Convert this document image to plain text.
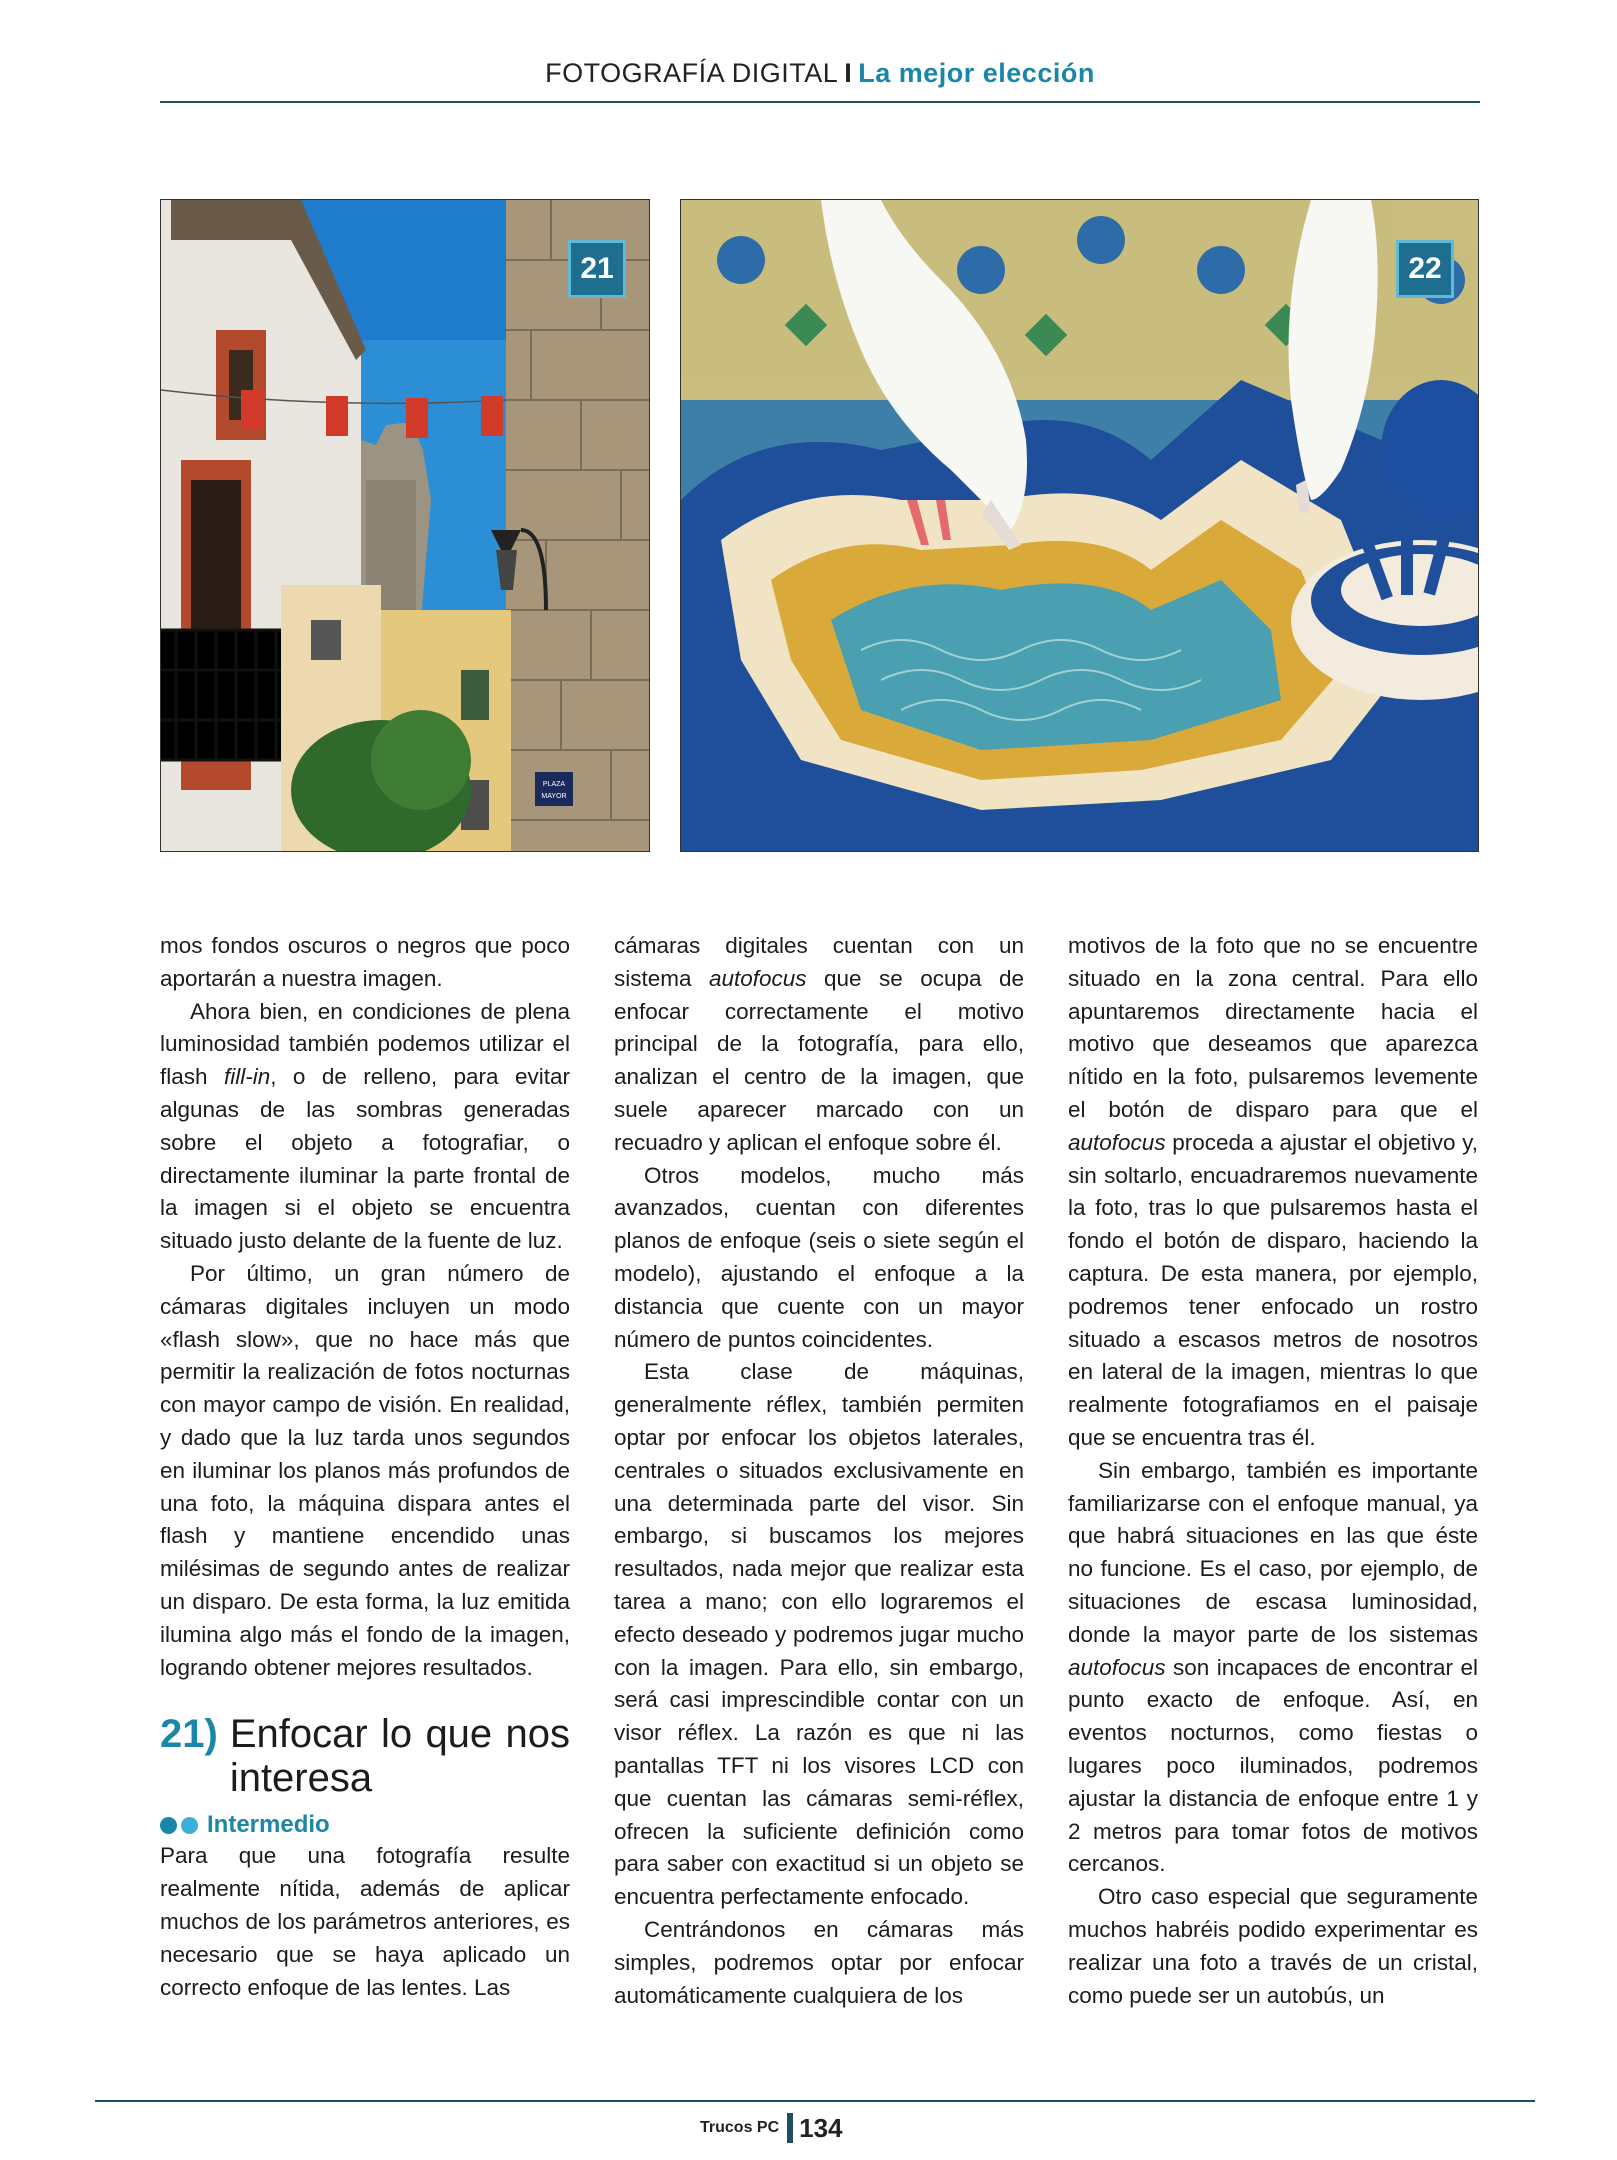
FOTOGRAFÍA DIGITAL I La mejor elección
PLAZA
MAYOR
21	22

mos fondos oscuros o negros que poco aportarán a nuestra imagen.

Ahora bien, en condiciones de plena luminosidad también podemos utilizar el flash fill-in, o de relleno, para evitar algunas de las sombras generadas sobre el objeto a fotografiar, o directamente iluminar la parte frontal de la imagen si el objeto se encuentra situado justo delante de la fuente de luz.

Por último, un gran número de cámaras digitales incluyen un modo «flash slow», que no hace más que permitir la realización de fotos nocturnas con mayor campo de visión. En realidad, y dado que la luz tarda unos segundos en iluminar los planos más profundos de una foto, la máquina dispara antes el flash y mantiene encendido unas milésimas de segundo antes de realizar un disparo. De esta forma, la luz emitida ilumina algo más el fondo de la imagen, logrando obtener mejores resultados.

21) Enfocar lo que nos interesa
Intermedio

Para que una fotografía resulte realmente nítida, además de aplicar muchos de los parámetros anteriores, es necesario que se haya aplicado un correcto enfoque de las lentes. Las

cámaras digitales cuentan con un sistema autofocus que se ocupa de enfocar correctamente el motivo principal de la fotografía, para ello, analizan el centro de la imagen, que suele aparecer marcado con un recuadro y aplican el enfoque sobre él.

Otros modelos, mucho más avanzados, cuentan con diferentes planos de enfoque (seis o siete según el modelo), ajustando el enfoque a la distancia que cuente con un mayor número de puntos coincidentes.

Esta clase de máquinas, generalmente réflex, también permiten optar por enfocar los objetos laterales, centrales o situados exclusivamente en una determinada parte del visor. Sin embargo, si buscamos los mejores resultados, nada mejor que realizar esta tarea a mano; con ello lograremos el efecto deseado y podremos jugar mucho con la imagen. Para ello, sin embargo, será casi imprescindible contar con un visor réflex. La razón es que ni las pantallas TFT ni los visores LCD con que cuentan las cámaras semi-réflex, ofrecen la suficiente definición como para saber con exactitud si un objeto se encuentra perfectamente enfocado.

Centrándonos en cámaras más simples, podremos optar por enfocar automáticamente cualquiera de los

motivos de la foto que no se encuentre situado en la zona central. Para ello apuntaremos directamente hacia el motivo que deseamos que aparezca nítido en la foto, pulsaremos levemente el botón de disparo para que el autofocus proceda a ajustar el objetivo y, sin soltarlo, encuadraremos nuevamente la foto, tras lo que pulsaremos hasta el fondo el botón de disparo, haciendo la captura. De esta manera, por ejemplo, podremos tener enfocado un rostro situado a escasos metros de nosotros en lateral de la imagen, mientras lo que realmente fotografiamos en el paisaje que se encuentra tras él.

Sin embargo, también es importante familiarizarse con el enfoque manual, ya que habrá situaciones en las que éste no funcione. Es el caso, por ejemplo, de situaciones de escasa luminosidad, donde la mayor parte de los sistemas autofocus son incapaces de encontrar el punto exacto de enfoque. Así, en eventos nocturnos, como fiestas o lugares poco iluminados, podremos ajustar la distancia de enfoque entre 1 y 2 metros para tomar fotos de motivos cercanos.

Otro caso especial que seguramente muchos habréis podido experimentar es realizar una foto a través de un cristal, como puede ser un autobús, un

Trucos PC 134
